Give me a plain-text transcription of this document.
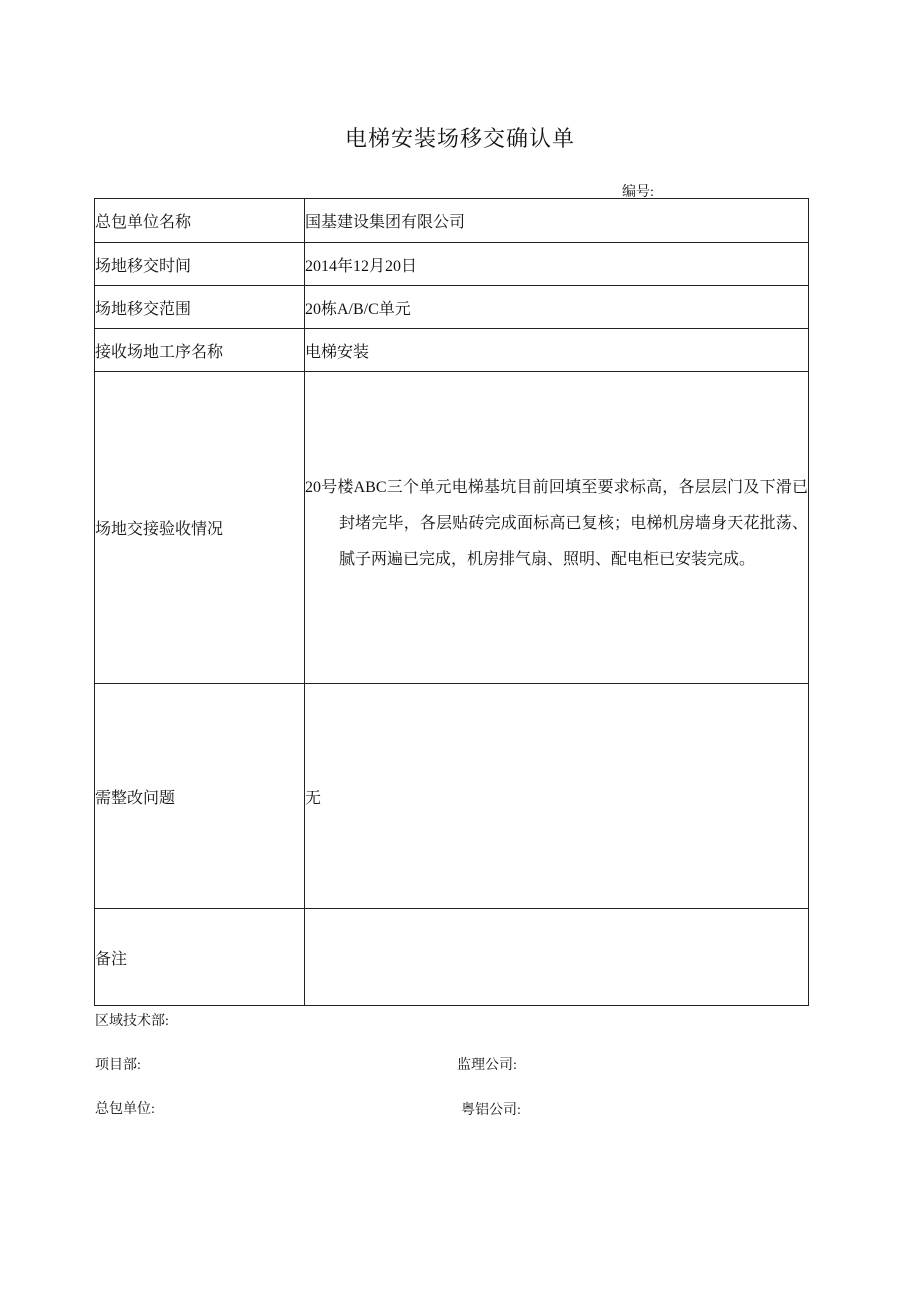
电梯安装场移交确认单
编号:
总包单位名称	国基建设集团有限公司
场地移交时间	2014年12月20日
场地移交范围	20栋A/B/C单元
接收场地工序名称	电梯安装
场地交接验收情况	20号楼ABC三个单元电梯基坑目前回填至要求标高，各层层门及下滑已封堵完毕，各层贴砖完成面标高已复核；电梯机房墙身天花批荡、腻子两遍已完成，机房排气扇、照明、配电柜已安装完成。

需整改问题	无
备注	
区域技术部:
项目部:	监理公司:
总包单位:	粤铝公司:
